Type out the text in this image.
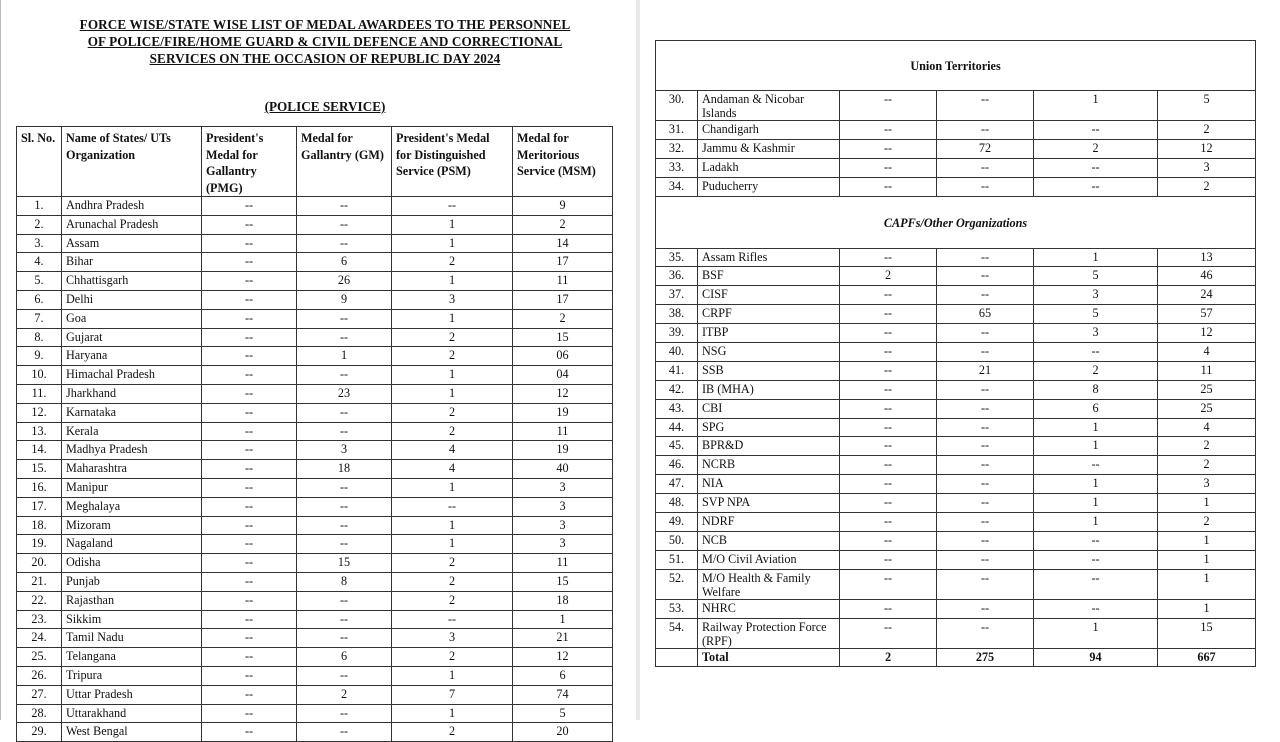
FORCE WISE/STATE WISE LIST OF MEDAL AWARDEES TO THE PERSONNEL
OF POLICE/FIRE/HOME GUARD & CIVIL DEFENCE AND CORRECTIONAL
SERVICES ON THE OCCASION OF REPUBLIC DAY 2024
(POLICE SERVICE)
Sl. No.	Name of States/ UTs Organization	President's Medal for Gallantry (PMG)	Medal for Gallantry (GM)	President's Medal for Distinguished Service (PSM)	Medal for Meritorious Service (MSM)
1.	Andhra Pradesh	--	--	--	9
2.	Arunachal Pradesh	--	--	1	2
3.	Assam	--	--	1	14
4.	Bihar	--	6	2	17
5.	Chhattisgarh	--	26	1	11
6.	Delhi	--	9	3	17
7.	Goa	--	--	1	2
8.	Gujarat	--	--	2	15
9.	Haryana	--	1	2	06
10.	Himachal Pradesh	--	--	1	04
11.	Jharkhand	--	23	1	12
12.	Karnataka	--	--	2	19
13.	Kerala	--	--	2	11
14.	Madhya Pradesh	--	3	4	19
15.	Maharashtra	--	18	4	40
16.	Manipur	--	--	1	3
17.	Meghalaya	--	--	--	3
18.	Mizoram	--	--	1	3
19.	Nagaland	--	--	1	3
20.	Odisha	--	15	2	11
21.	Punjab	--	8	2	15
22.	Rajasthan	--	--	2	18
23.	Sikkim	--	--	--	1
24.	Tamil Nadu	--	--	3	21
25.	Telangana	--	6	2	12
26.	Tripura	--	--	1	6
27.	Uttar Pradesh	--	2	7	74
28.	Uttarakhand	--	--	1	5
29.	West Bengal	--	--	2	20
Union Territories					
30.	Andaman & Nicobar Islands	--	--	1	5
31.	Chandigarh	--	--	--	2
32.	Jammu & Kashmir	--	72	2	12
33.	Ladakh	--	--	--	3
34.	Puducherry	--	--	--	2
CAPFs/Other Organizations					
35.	Assam Rifles	--	--	1	13
36.	BSF	2	--	5	46
37.	CISF	--	--	3	24
38.	CRPF	--	65	5	57
39.	ITBP	--	--	3	12
40.	NSG	--	--	--	4
41.	SSB	--	21	2	11
42.	IB (MHA)	--	--	8	25
43.	CBI	--	--	6	25
44.	SPG	--	--	1	4
45.	BPR&D	--	--	1	2
46.	NCRB	--	--	--	2
47.	NIA	--	--	1	3
48.	SVP NPA	--	--	1	1
49.	NDRF	--	--	1	2
50.	NCB	--	--	--	1
51.	M/O Civil Aviation	--	--	--	1
52.	M/O Health & Family Welfare	--	--	--	1
53.	NHRC	--	--	--	1
54.	Railway Protection Force (RPF)	--	--	1	15
	Total	2	275	94	667
